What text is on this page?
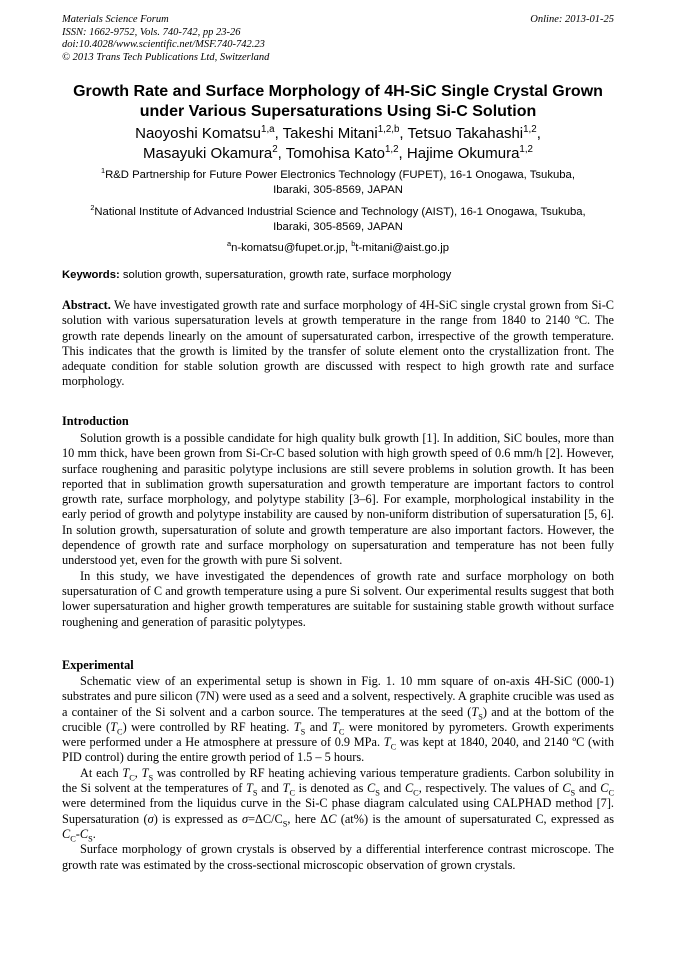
Materials Science Forum
ISSN: 1662-9752, Vols. 740-742, pp 23-26
doi:10.4028/www.scientific.net/MSF.740-742.23
© 2013 Trans Tech Publications Ltd, Switzerland
Online: 2013-01-25
Growth Rate and Surface Morphology of 4H-SiC Single Crystal Grown
under Various Supersaturations Using Si-C Solution
Naoyoshi Komatsu$^{1,a}$, Takeshi Mitani$^{1,2,b}$, Tetsuo Takahashi$^{1,2}$,
Masayuki Okamura$^2$, Tomohisa Kato$^{1,2}$, Hajime Okumura$^{1,2}$
$^1$R&D Partnership for Future Power Electronics Technology (FUPET), 16-1 Onogawa, Tsukuba,
Ibaraki, 305-8569, JAPAN
$^2$National Institute of Advanced Industrial Science and Technology (AIST), 16-1 Onogawa, Tsukuba,
Ibaraki, 305-8569, JAPAN
$^a$n-komatsu@fupet.or.jp, $^b$t-mitani@aist.go.jp
Keywords: solution growth, supersaturation, growth rate, surface morphology

Abstract. We have investigated growth rate and surface morphology of 4H-SiC single crystal grown from Si-C solution with various supersaturation levels at growth temperature in the range from 1840 to 2140 ºC. The growth rate depends linearly on the amount of supersaturated carbon, irrespective of the growth temperature. This indicates that the growth is limited by the transfer of solute element onto the crystallization front. The adequate condition for stable solution growth are discussed with respect to high growth rate and surface morphology.

Introduction

Solution growth is a possible candidate for high quality bulk growth [1]. In addition, SiC boules, more than 10 mm thick, have been grown from Si-Cr-C based solution with high growth speed of 0.6 mm/h [2]. However, surface roughening and parasitic polytype inclusions are still severe problems in solution growth. It has been reported that in sublimation growth supersaturation and growth temperature are important factors to control growth rate, surface morphology, and polytype stability [3–6]. For example, morphological instability in the early period of growth and polytype instability are caused by non-uniform distribution of supersaturation [5, 6]. In solution growth, supersaturation of solute and growth temperature are also important factors. However, the dependence of growth rate and surface morphology on supersaturation and temperature has not been fully understood yet, even for the growth with pure Si solvent.

In this study, we have investigated the dependences of growth rate and surface morphology on both supersaturation of C and growth temperature using a pure Si solvent. Our experimental results suggest that both lower supersaturation and higher growth temperatures are suitable for sustaining stable growth without surface roughening and generation of parasitic polytypes.

Experimental

Schematic view of an experimental setup is shown in Fig. 1. 10 mm square of on-axis 4H-SiC (000-1) substrates and pure silicon (7N) were used as a seed and a solvent, respectively. A graphite crucible was used as a container of the Si solvent and a carbon source. The temperatures at the seed $(T_S)$ and at the bottom of the crucible $(T_C)$ were controlled by RF heating. $T_S$ and $T_C$ were monitored by pyrometers. Growth experiments were performed under a He atmosphere at pressure of 0.9 MPa. $T_C$ was kept at 1840, 2040, and 2140 ºC (with PID control) during the entire growth period of 1.5 – 5 hours.

At each $T_C$, $T_S$ was controlled by RF heating achieving various temperature gradients. Carbon solubility in the Si solvent at the temperatures of $T_S$ and $T_C$ is denoted as $C_S$ and $C_C$, respectively. The values of $C_S$ and $C_C$ were determined from the liquidus curve in the Si-C phase diagram calculated using CALPHAD method [7]. Supersaturation (σ) is expressed as $\sigma=\Delta C/C_S$, here ΔC (at%) is the amount of supersaturated C, expressed as $C_C-C_S$.

Surface morphology of grown crystals is observed by a differential interference contrast microscope. The growth rate was estimated by the cross-sectional microscopic observation of grown crystals.
